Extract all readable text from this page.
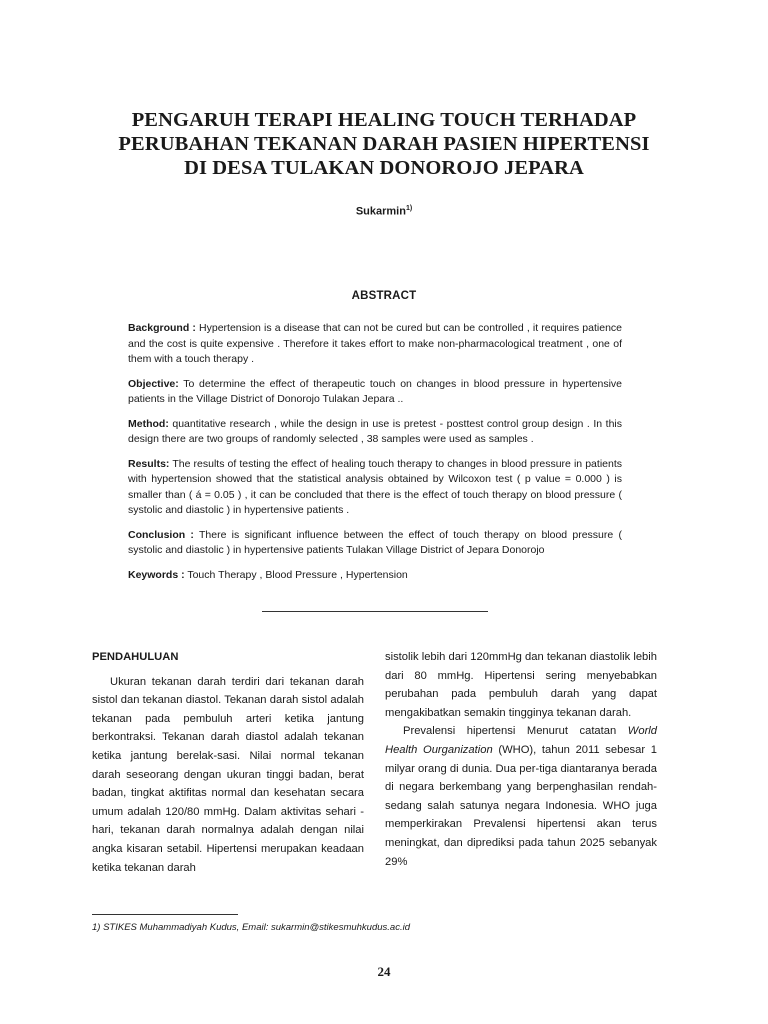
PENGARUH TERAPI HEALING TOUCH TERHADAP
PERUBAHAN TEKANAN DARAH PASIEN HIPERTENSI
DI DESA TULAKAN DONOROJO JEPARA
Sukarmin$^{1)}$
ABSTRACT

Background : Hypertension is a disease that can not be cured but can be controlled , it requires patience and the cost is quite expensive . Therefore it takes effort to make non-pharmacological treatment , one of them with a touch therapy .

Objective: To determine the effect of therapeutic touch on changes in blood pressure in hypertensive patients in the Village District of Donorojo Tulakan Jepara ..

Method: quantitative research , while the design in use is pretest - posttest control group design . In this design there are two groups of randomly selected , 38 samples were used as samples .

Results: The results of testing the effect of healing touch therapy to changes in blood pressure in patients with hypertension showed that the statistical analysis obtained by Wilcoxon test ( p value = 0.000 ) is smaller than ( á = 0.05 ) , it can be concluded that there is the effect of touch therapy on blood pressure ( systolic and diastolic ) in hypertensive patients .

Conclusion : There is significant influence between the effect of touch therapy on blood pressure ( systolic and diastolic ) in hypertensive patients Tulakan Village District of Jepara Donorojo

Keywords : Touch Therapy , Blood Pressure , Hypertension

PENDAHULUAN

Ukuran tekanan darah terdiri dari tekanan darah sistol dan tekanan diastol. Tekanan darah sistol adalah tekanan pada pembuluh arteri ketika jantung berkontraksi. Tekanan darah diastol adalah tekanan ketika jantung berelak-sasi. Nilai normal tekanan darah seseorang dengan ukuran tinggi badan, berat badan, tingkat aktifitas normal dan kesehatan secara umum adalah 120/80 mmHg. Dalam aktivitas sehari - hari, tekanan darah normalnya adalah dengan nilai angka kisaran setabil. Hipertensi merupakan keadaan ketika tekanan darah

sistolik lebih dari 120mmHg dan tekanan diastolik lebih dari 80 mmHg. Hipertensi sering menyebabkan perubahan pada pembuluh darah yang dapat mengakibatkan semakin tingginya tekanan darah.

Prevalensi hipertensi Menurut catatan World Health Ourganization (WHO), tahun 2011 sebesar 1 milyar orang di dunia. Dua per-tiga diantaranya berada di negara berkembang yang berpenghasilan rendah-sedang salah satunya negara Indonesia. WHO juga memperkirakan Prevalensi hipertensi akan terus meningkat, dan diprediksi pada tahun 2025 sebanyak 29%

1) STIKES Muhammadiyah Kudus, Email: sukarmin@stikesmuhkudus.ac.id
24
